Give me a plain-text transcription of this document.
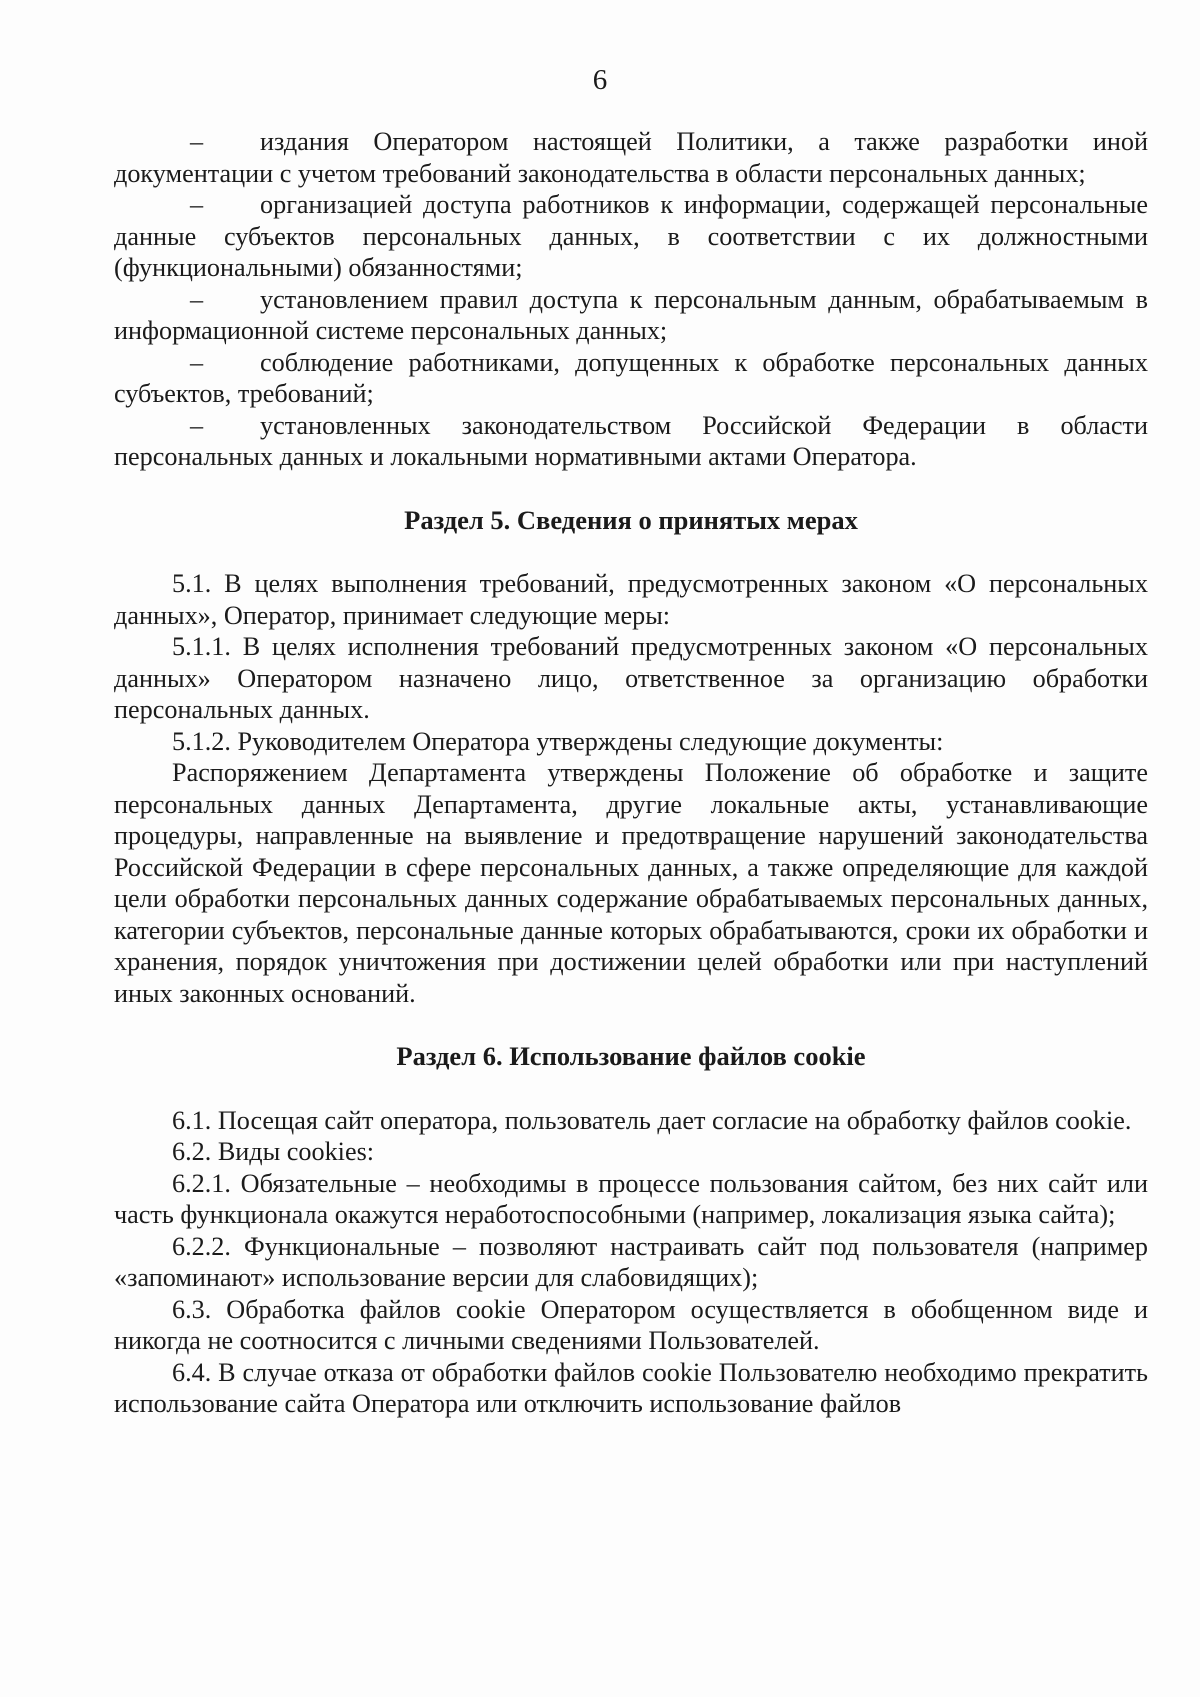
6

– издания Оператором настоящей Политики, а также разработки иной документации с учетом требований законодательства в области персональных данных;

– организацией доступа работников к информации, содержащей персональные данные субъектов персональных данных, в соответствии с их должностными (функциональными) обязанностями;

– установлением правил доступа к персональным данным, обрабатываемым в информационной системе персональных данных;

– соблюдение работниками, допущенных к обработке персональных данных субъектов, требований;

– установленных законодательством Российской Федерации в области персональных данных и локальными нормативными актами Оператора.

Раздел 5. Сведения о принятых мерах

5.1. В целях выполнения требований, предусмотренных законом «О персональных данных», Оператор, принимает следующие меры:

5.1.1. В целях исполнения требований предусмотренных законом «О персональных данных» Оператором назначено лицо, ответственное за организацию обработки персональных данных.

5.1.2. Руководителем Оператора утверждены следующие документы:

Распоряжением Департамента утверждены Положение об обработке и защите персональных данных Департамента, другие локальные акты, устанавливающие процедуры, направленные на выявление и предотвращение нарушений законодательства Российской Федерации в сфере персональных данных, а также определяющие для каждой цели обработки персональных данных содержание обрабатываемых персональных данных, категории субъектов, персональные данные которых обрабатываются, сроки их обработки и хранения, порядок уничтожения при достижении целей обработки или при наступлений иных законных оснований.

Раздел 6. Использование файлов cookie

6.1. Посещая сайт оператора, пользователь дает согласие на обработку файлов cookie.

6.2. Виды cookies:

6.2.1. Обязательные – необходимы в процессе пользования сайтом, без них сайт или часть функционала окажутся неработоспособными (например, локализация языка сайта);

6.2.2. Функциональные – позволяют настраивать сайт под пользователя (например «запоминают» использование версии для слабовидящих);

6.3. Обработка файлов cookie Оператором осуществляется в обобщенном виде и никогда не соотносится с личными сведениями Пользователей.

6.4. В случае отказа от обработки файлов cookie Пользователю необходимо прекратить использование сайта Оператора или отключить использование файлов
